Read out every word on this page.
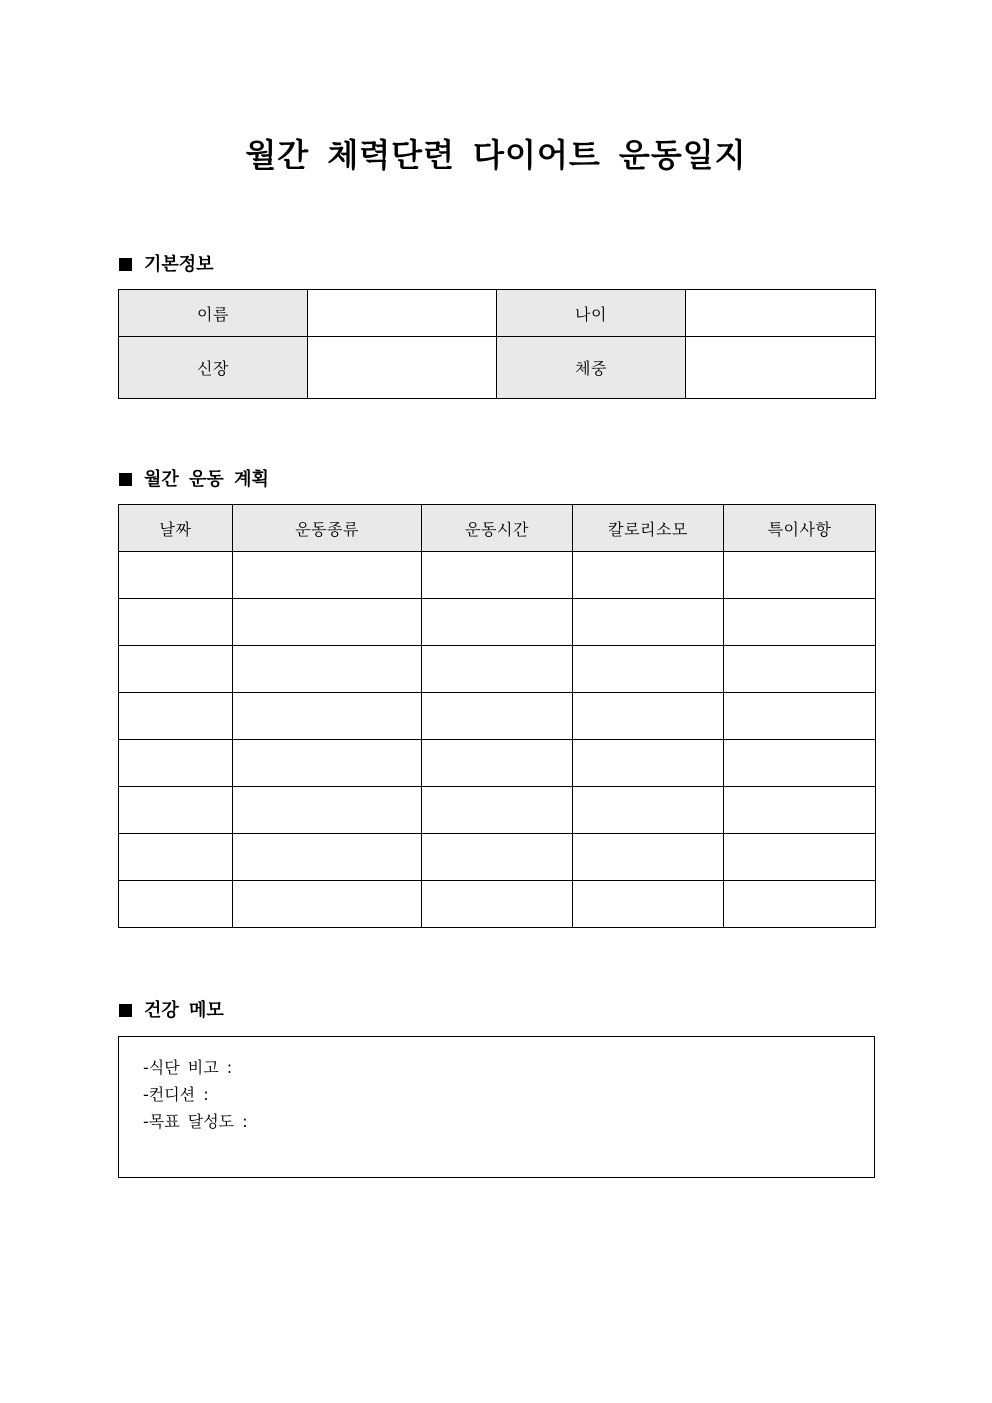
월간 체력단련 다이어트 운동일지
기본정보
이름		나이	
신장		체중	
월간 운동 계획
날짜	운동종류	운동시간	칼로리소모	특이사항

건강 메모
-식단 비고 :
-컨디션 :
-목표 달성도 :
